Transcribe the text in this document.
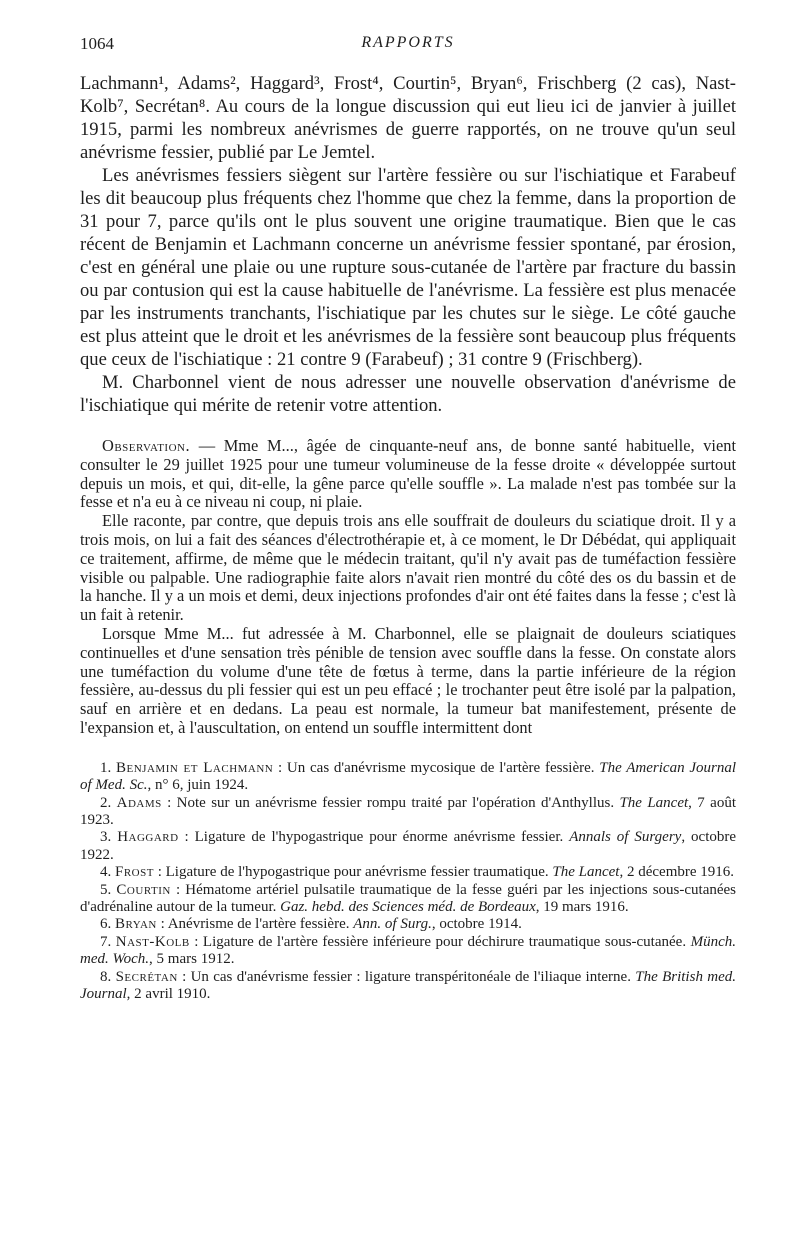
1064	RAPPORTS

Lachmann¹, Adams², Haggard³, Frost⁴, Courtin⁵, Bryan⁶, Frischberg (2 cas), Nast-Kolb⁷, Secrétan⁸. Au cours de la longue discussion qui eut lieu ici de janvier à juillet 1915, parmi les nombreux anévrismes de guerre rapportés, on ne trouve qu'un seul anévrisme fessier, publié par Le Jemtel.

Les anévrismes fessiers siègent sur l'artère fessière ou sur l'ischiatique et Farabeuf les dit beaucoup plus fréquents chez l'homme que chez la femme, dans la proportion de 31 pour 7, parce qu'ils ont le plus souvent une origine traumatique. Bien que le cas récent de Benjamin et Lachmann concerne un anévrisme fessier spontané, par érosion, c'est en général une plaie ou une rupture sous-cutanée de l'artère par fracture du bassin ou par contusion qui est la cause habituelle de l'anévrisme. La fessière est plus menacée par les instruments tranchants, l'ischiatique par les chutes sur le siège. Le côté gauche est plus atteint que le droit et les anévrismes de la fessière sont beaucoup plus fréquents que ceux de l'ischiatique : 21 contre 9 (Farabeuf) ; 31 contre 9 (Frischberg).

M. Charbonnel vient de nous adresser une nouvelle observation d'anévrisme de l'ischiatique qui mérite de retenir votre attention.

Observation. — Mme M..., âgée de cinquante-neuf ans, de bonne santé habituelle, vient consulter le 29 juillet 1925 pour une tumeur volumineuse de la fesse droite « développée surtout depuis un mois, et qui, dit-elle, la gêne parce qu'elle souffle ». La malade n'est pas tombée sur la fesse et n'a eu à ce niveau ni coup, ni plaie.

Elle raconte, par contre, que depuis trois ans elle souffrait de douleurs du sciatique droit. Il y a trois mois, on lui a fait des séances d'électrothérapie et, à ce moment, le Dr Débédat, qui appliquait ce traitement, affirme, de même que le médecin traitant, qu'il n'y avait pas de tuméfaction fessière visible ou palpable. Une radiographie faite alors n'avait rien montré du côté des os du bassin et de la hanche. Il y a un mois et demi, deux injections profondes d'air ont été faites dans la fesse ; c'est là un fait à retenir.

Lorsque Mme M... fut adressée à M. Charbonnel, elle se plaignait de douleurs sciatiques continuelles et d'une sensation très pénible de tension avec souffle dans la fesse. On constate alors une tuméfaction du volume d'une tête de fœtus à terme, dans la partie inférieure de la région fessière, au-dessus du pli fessier qui est un peu effacé ; le trochanter peut être isolé par la palpation, sauf en arrière et en dedans. La peau est normale, la tumeur bat manifestement, présente de l'expansion et, à l'auscultation, on entend un souffle intermittent dont

1. Benjamin et Lachmann : Un cas d'anévrisme mycosique de l'artère fessière. The American Journal of Med. Sc., n° 6, juin 1924.

2. Adams : Note sur un anévrisme fessier rompu traité par l'opération d'Anthyllus. The Lancet, 7 août 1923.

3. Haggard : Ligature de l'hypogastrique pour énorme anévrisme fessier. Annals of Surgery, octobre 1922.

4. Frost : Ligature de l'hypogastrique pour anévrisme fessier traumatique. The Lancet, 2 décembre 1916.

5. Courtin : Hématome artériel pulsatile traumatique de la fesse guéri par les injections sous-cutanées d'adrénaline autour de la tumeur. Gaz. hebd. des Sciences méd. de Bordeaux, 19 mars 1916.

6. Bryan : Anévrisme de l'artère fessière. Ann. of Surg., octobre 1914.

7. Nast-Kolb : Ligature de l'artère fessière inférieure pour déchirure traumatique sous-cutanée. Münch. med. Woch., 5 mars 1912.

8. Secrétan : Un cas d'anévrisme fessier : ligature transpéritonéale de l'iliaque interne. The British med. Journal, 2 avril 1910.
